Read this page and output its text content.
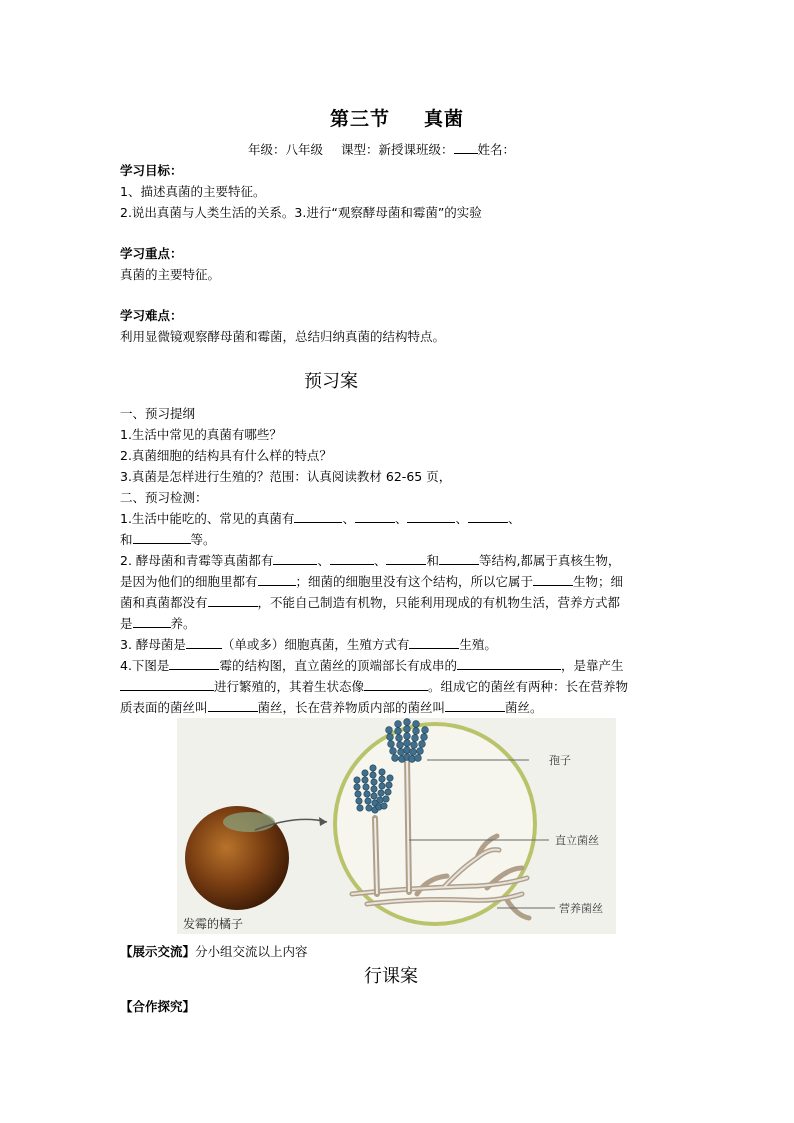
第三节 真菌
年级：八年级 课型：新授课班级： 姓名：
学习目标：
1、描述真菌的主要特征。
2.说出真菌与人类生活的关系。3.进行“观察酵母菌和霉菌”的实验
学习重点：
真菌的主要特征。
学习难点：
利用显微镜观察酵母菌和霉菌，总结归纳真菌的结构特点。
预习案
一、预习提纲
1.生活中常见的真菌有哪些？
2.真菌细胞的结构具有什么样的特点？
3.真菌是怎样进行生殖的？范围：认真阅读教材 62-65 页，
二、预习检测：
1.生活中能吃的、常见的真菌有	、	、	、	、
和	等。
2. 酵母菌和青霉等真菌都有	、	、	和	等结构,都属于真核生物，
是因为他们的细胞里都有	；细菌的细胞里没有这个结构，所以它属于	生物；细
菌和真菌都没有	，不能自己制造有机物，只能利用现成的有机物生活，营养方式都
是	养。
3. 酵母菌是	（单或多）细胞真菌，生殖方式有	生殖。
4.下图是	霉的结构图，直立菌丝的顶端部长有成串的	，是靠产生
进行繁殖的，其着生状态像	。组成它的菌丝有两种：长在营养物
质表面的菌丝叫	菌丝，长在营养物质内部的菌丝叫	菌丝。
孢子
直立菌丝
营养菌丝
发霉的橘子
【展示交流】分小组交流以上内容
行课案
【合作探究】
